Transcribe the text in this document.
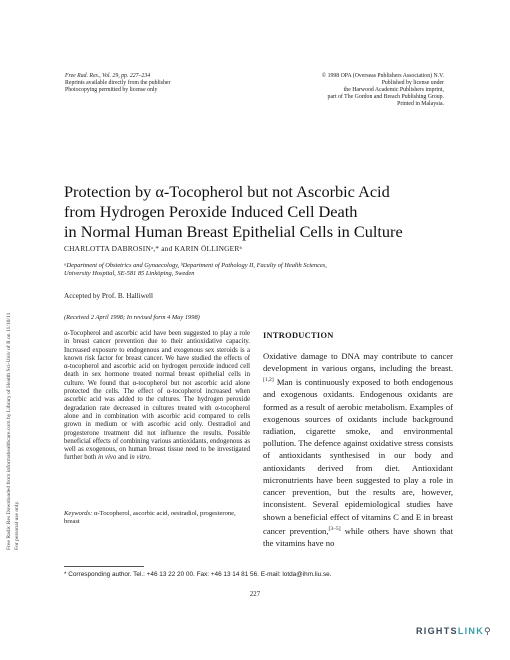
Free Radic Res Downloaded from informahealthcare.com by Library of Health Sci-Univ of Il on 11/10/11 For personal use only.
Free Rad. Res., Vol. 29, pp. 227–234
Reprints available directly from the publisher
Photocopying permitted by license only
© 1998 OPA (Overseas Publishers Association) N.V.
Published by license under
the Harwood Academic Publishers imprint,
part of The Gordon and Breach Publishing Group.
Printed in Malaysia.
Protection by α-Tocopherol but not Ascorbic Acid
from Hydrogen Peroxide Induced Cell Death
in Normal Human Breast Epithelial Cells in Culture
CHARLOTTA DABROSINᵃ,* and KARIN ÖLLINGERᵇ
ᵃDepartment of Obstetrics and Gynaecology, ᵇDepartment of Pathology II, Faculty of Health Sciences,
University Hospital, SE-581 85 Linköping, Sweden
Accepted by Prof. B. Halliwell
(Received 2 April 1998; In revised form 4 May 1998)
α-Tocopherol and ascorbic acid have been suggested to play a role in breast cancer prevention due to their antioxidative capacity. Increased exposure to endogenous and exogenous sex steroids is a known risk factor for breast cancer. We have studied the effects of α-tocopherol and ascorbic acid on hydrogen peroxide induced cell death in sex hormone treated normal breast epithelial cells in culture. We found that α-tocopherol but not ascorbic acid alone protected the cells. The effect of α-tocopherol increased when ascorbic acid was added to the cultures. The hydrogen peroxide degradation rate decreased in cultures treated with α-tocopherol alone and in combination with ascorbic acid compared to cells grown in medium or with ascorbic acid only. Oestradiol and progesterone treatment did not influence the results. Possible beneficial effects of combining various antioxidants, endogenous as well as exogenous, on human breast tissue need to be investigated further both in vivo and in vitro.
Keywords: α-Tocopherol, ascorbic acid, oestradiol, progesterone, breast
INTRODUCTION
Oxidative damage to DNA may contribute to cancer development in various organs, including the breast.[1,2] Man is continuously exposed to both endogenous and exogenous oxidants. Endogenous oxidants are formed as a result of aerobic metabolism. Examples of exogenous sources of oxidants include background radiation, cigarette smoke, and environmental pollution. The defence against oxidative stress consists of antioxidants synthesised in our body and antioxidants derived from diet. Antioxidant micronutrients have been suggested to play a role in cancer prevention, but the results are, however, inconsistent. Several epidemiological studies have shown a beneficial effect of vitamins C and E in breast cancer prevention,[3–5] while others have shown that the vitamins have no
* Corresponding author. Tel.: +46 13 22 20 00. Fax: +46 13 14 81 56. E-mail: lotda@ihm.liu.se.
227
RIGHTSLINK⚲
